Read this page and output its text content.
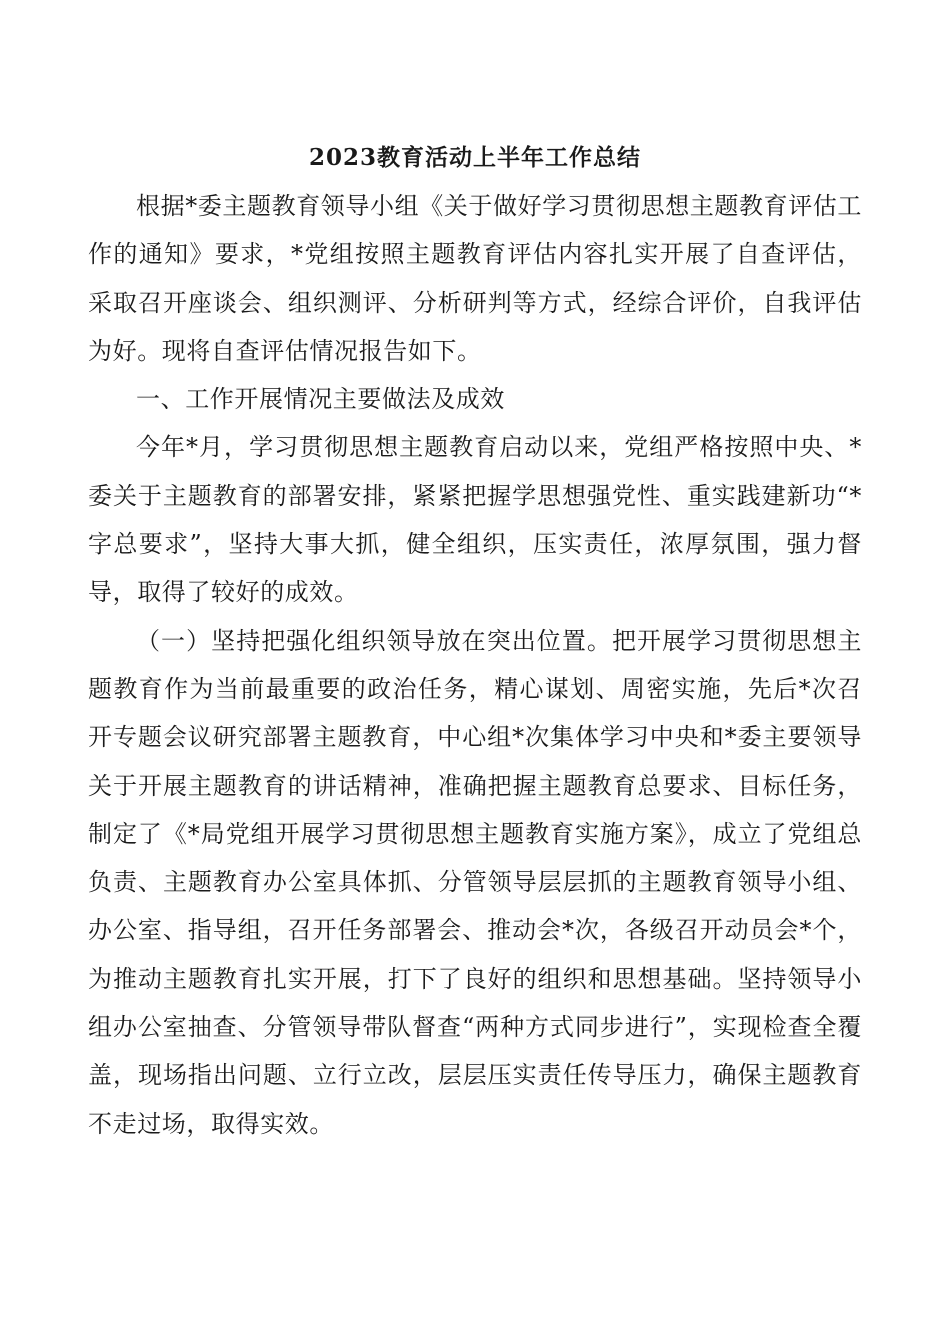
2023教育活动上半年工作总结

根据*委主题教育领导小组《关于做好学习贯彻思想主题教育评估工作的通知》要求，*党组按照主题教育评估内容扎实开展了自查评估，采取召开座谈会、组织测评、分析研判等方式，经综合评价，自我评估为好。现将自查评估情况报告如下。

一、工作开展情况主要做法及成效

今年*月，学习贯彻思想主题教育启动以来，党组严格按照中央、*委关于主题教育的部署安排，紧紧把握学思想强党性、重实践建新功“*字总要求”，坚持大事大抓，健全组织，压实责任，浓厚氛围，强力督导，取得了较好的成效。

（一）坚持把强化组织领导放在突出位置。把开展学习贯彻思想主题教育作为当前最重要的政治任务，精心谋划、周密实施，先后*次召开专题会议研究部署主题教育，中心组*次集体学习中央和*委主要领导关于开展主题教育的讲话精神，准确把握主题教育总要求、目标任务，制定了《*局党组开展学习贯彻思想主题教育实施方案》，成立了党组总负责、主题教育办公室具体抓、分管领导层层抓的主题教育领导小组、办公室、指导组，召开任务部署会、推动会*次，各级召开动员会*个，为推动主题教育扎实开展，打下了良好的组织和思想基础。坚持领导小组办公室抽查、分管领导带队督查“两种方式同步进行”，实现检查全覆盖，现场指出问题、立行立改，层层压实责任传导压力，确保主题教育不走过场，取得实效。
